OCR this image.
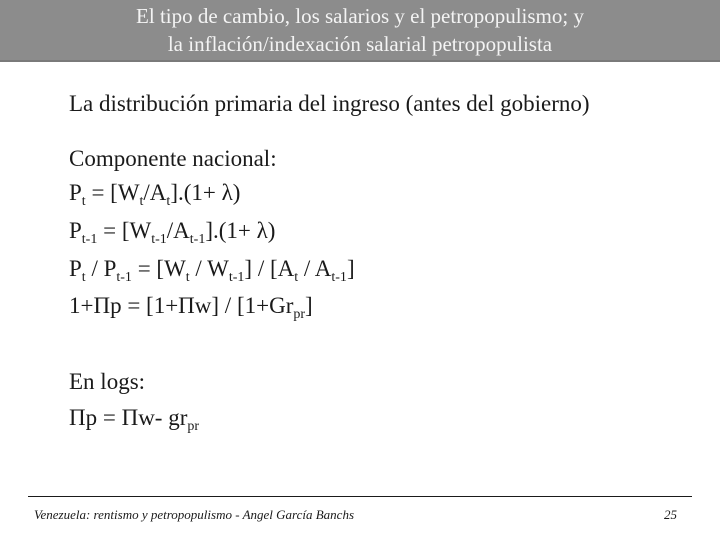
El tipo de cambio, los salarios y el petropopulismo; y
la inflación/indexación salarial petropopulista
La distribución primaria del ingreso (antes del gobierno)
Componente nacional:
$P_t = [W_t/A_t].(1+ \lambda)$
$P_{t-1} = [W_{t-1}/A_{t-1}].(1+ \lambda)$
$P_t / P_{t-1} = [W_t / W_{t-1}] / [A_t / A_{t-1}]$
$1+\Pi p = [1+\Pi w] / [1+Gr_{pr}]$
En logs:
Πp = Πw- $gr_{pr}$
Venezuela: rentismo y petropopulismo - Angel García Banchs	25
